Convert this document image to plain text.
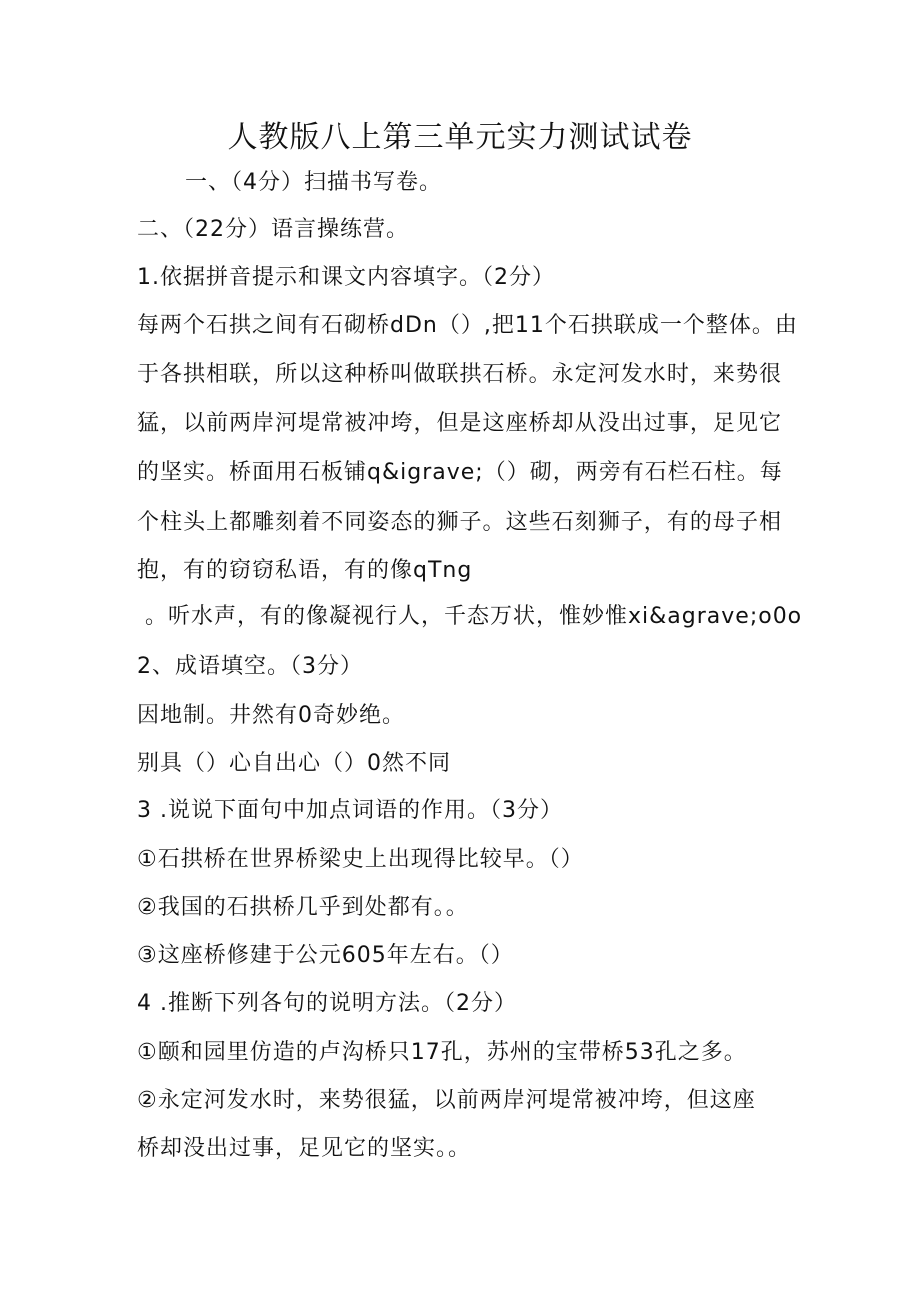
人教版八上第三单元实力测试试卷
一、（4分）扫描书写卷。
二、（22分）语言操练营。
1.依据拼音提示和课文内容填字。（2分）
每两个石拱之间有石砌桥dDn（）,把11个石拱联成一个整体。由
于各拱相联，所以这种桥叫做联拱石桥。永定河发水时，来势很
猛，以前两岸河堤常被冲垮，但是这座桥却从没出过事，足见它
的坚实。桥面用石板铺q&igrave;（）砌，两旁有石栏石柱。每
个柱头上都雕刻着不同姿态的狮子。这些石刻狮子，有的母子相
抱，有的窃窃私语，有的像qTng
。听水声，有的像凝视行人，千态万状，惟妙惟xi&agrave;o0o
2、成语填空。（3分）
因地制。井然有0奇妙绝。
别具（）心自出心（）0然不同
3 .说说下面句中加点词语的作用。（3分）
①石拱桥在世界桥梁史上出现得比较早。（）
②我国的石拱桥几乎到处都有。。
③这座桥修建于公元605年左右。（）
4 .推断下列各句的说明方法。（2分）
①颐和园里仿造的卢沟桥只17孔，苏州的宝带桥53孔之多。
②永定河发水时，来势很猛，以前两岸河堤常被冲垮，但这座
桥却没出过事，足见它的坚实。。
